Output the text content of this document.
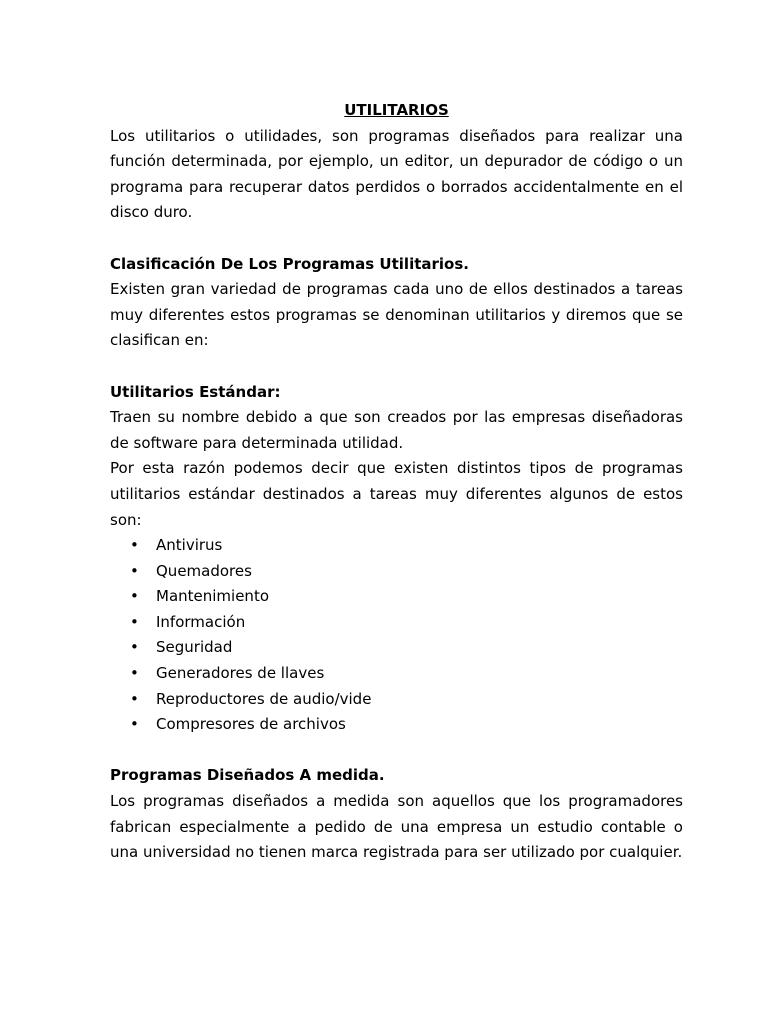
UTILITARIOS

Los utilitarios o utilidades, son programas diseñados para realizar una función determinada, por ejemplo, un editor, un depurador de código o un programa para recuperar datos perdidos o borrados accidentalmente en el disco duro.

Clasificación De Los Programas Utilitarios.

Existen gran variedad de programas cada uno de ellos destinados a tareas muy diferentes estos programas se denominan utilitarios y diremos que se clasifican en:

Utilitarios Estándar:

Traen su nombre debido a que son creados por las empresas diseñadoras de software para determinada utilidad.

Por esta razón podemos decir que existen distintos tipos de programas utilitarios estándar destinados a tareas muy diferentes algunos de estos son:

• Antivirus
• Quemadores
• Mantenimiento
• Información
• Seguridad
• Generadores de llaves
• Reproductores de audio/vide
• Compresores de archivos
Programas Diseñados A medida.

Los programas diseñados a medida son aquellos que los programadores fabrican especialmente a pedido de una empresa un estudio contable o una universidad no tienen marca registrada para ser utilizado por cualquier.
